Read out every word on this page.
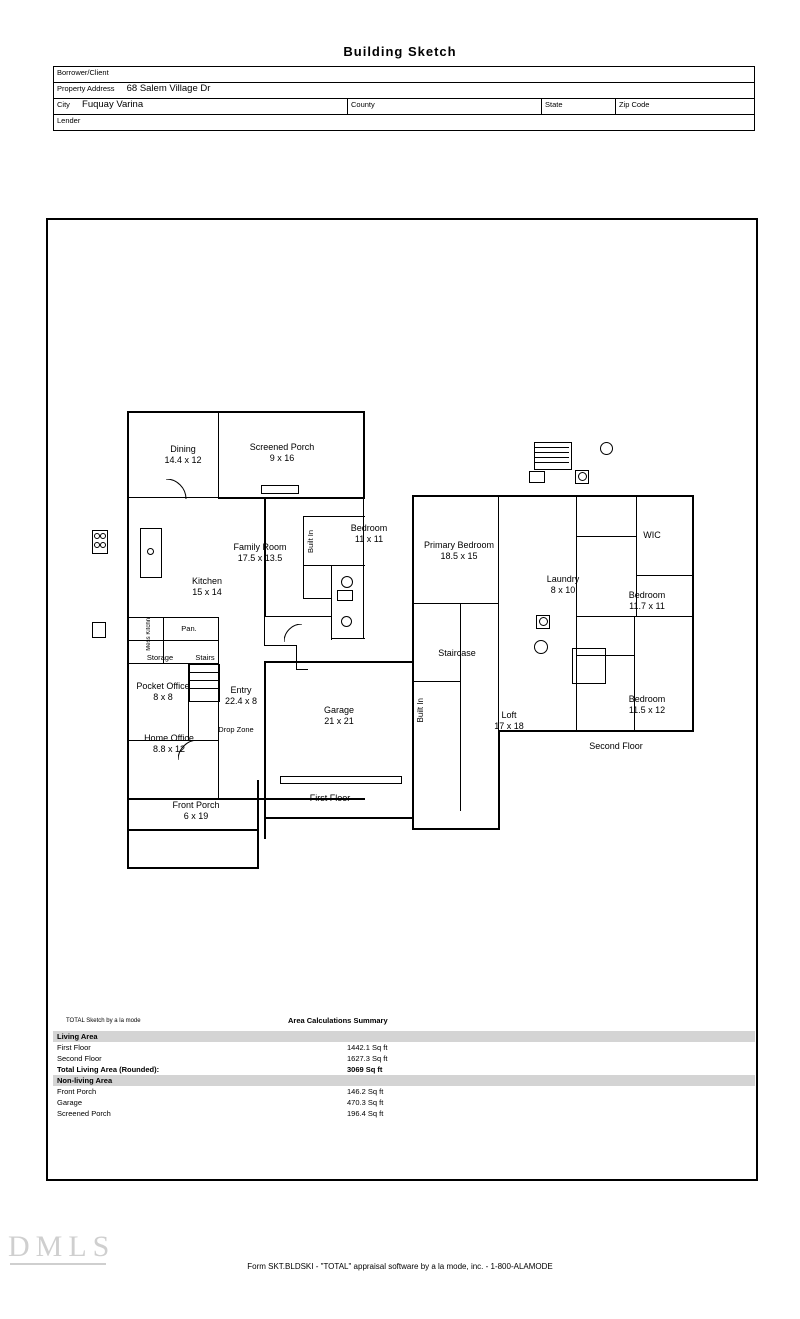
Building Sketch
Borrower/Client
Property Address 68 Salem Village Dr
City Fuquay Varina	County	State	Zip Code
Lender
Dining
14.4 x 12
Screened Porch
9 x 16
Family Room
17.5 x 13.5
Bedroom
11 x 11
Kitchen
15 x 14
Pocket Office
8 x 8
Entry
22.4 x 8
Home Office
8.8 x 12
Garage
21 x 21
Front Porch
6 x 19
Storage	Stairs
Pan.
Mess Kitchn
Built In
Drop Zone
First Floor
Primary Bedroom
18.5 x 15
Laundry
8 x 10	Bedroom
11.7 x 11
Bedroom
11.5 x 12
Loft
17 x 18
WIC
Staircase
Built In
Second Floor
TOTAL Sketch by a la mode	Area Calculations Summary
Living Area		
First Floor	1442.1 Sq ft	
Second Floor	1627.3 Sq ft	
Total Living Area (Rounded):	3069 Sq ft	
Non-living Area		
Front Porch	146.2 Sq ft	
Garage	470.3 Sq ft	
Screened Porch	196.4 Sq ft	
DMLS
Form SKT.BLDSKI - "TOTAL" appraisal software by a la mode, inc. - 1-800-ALAMODE
